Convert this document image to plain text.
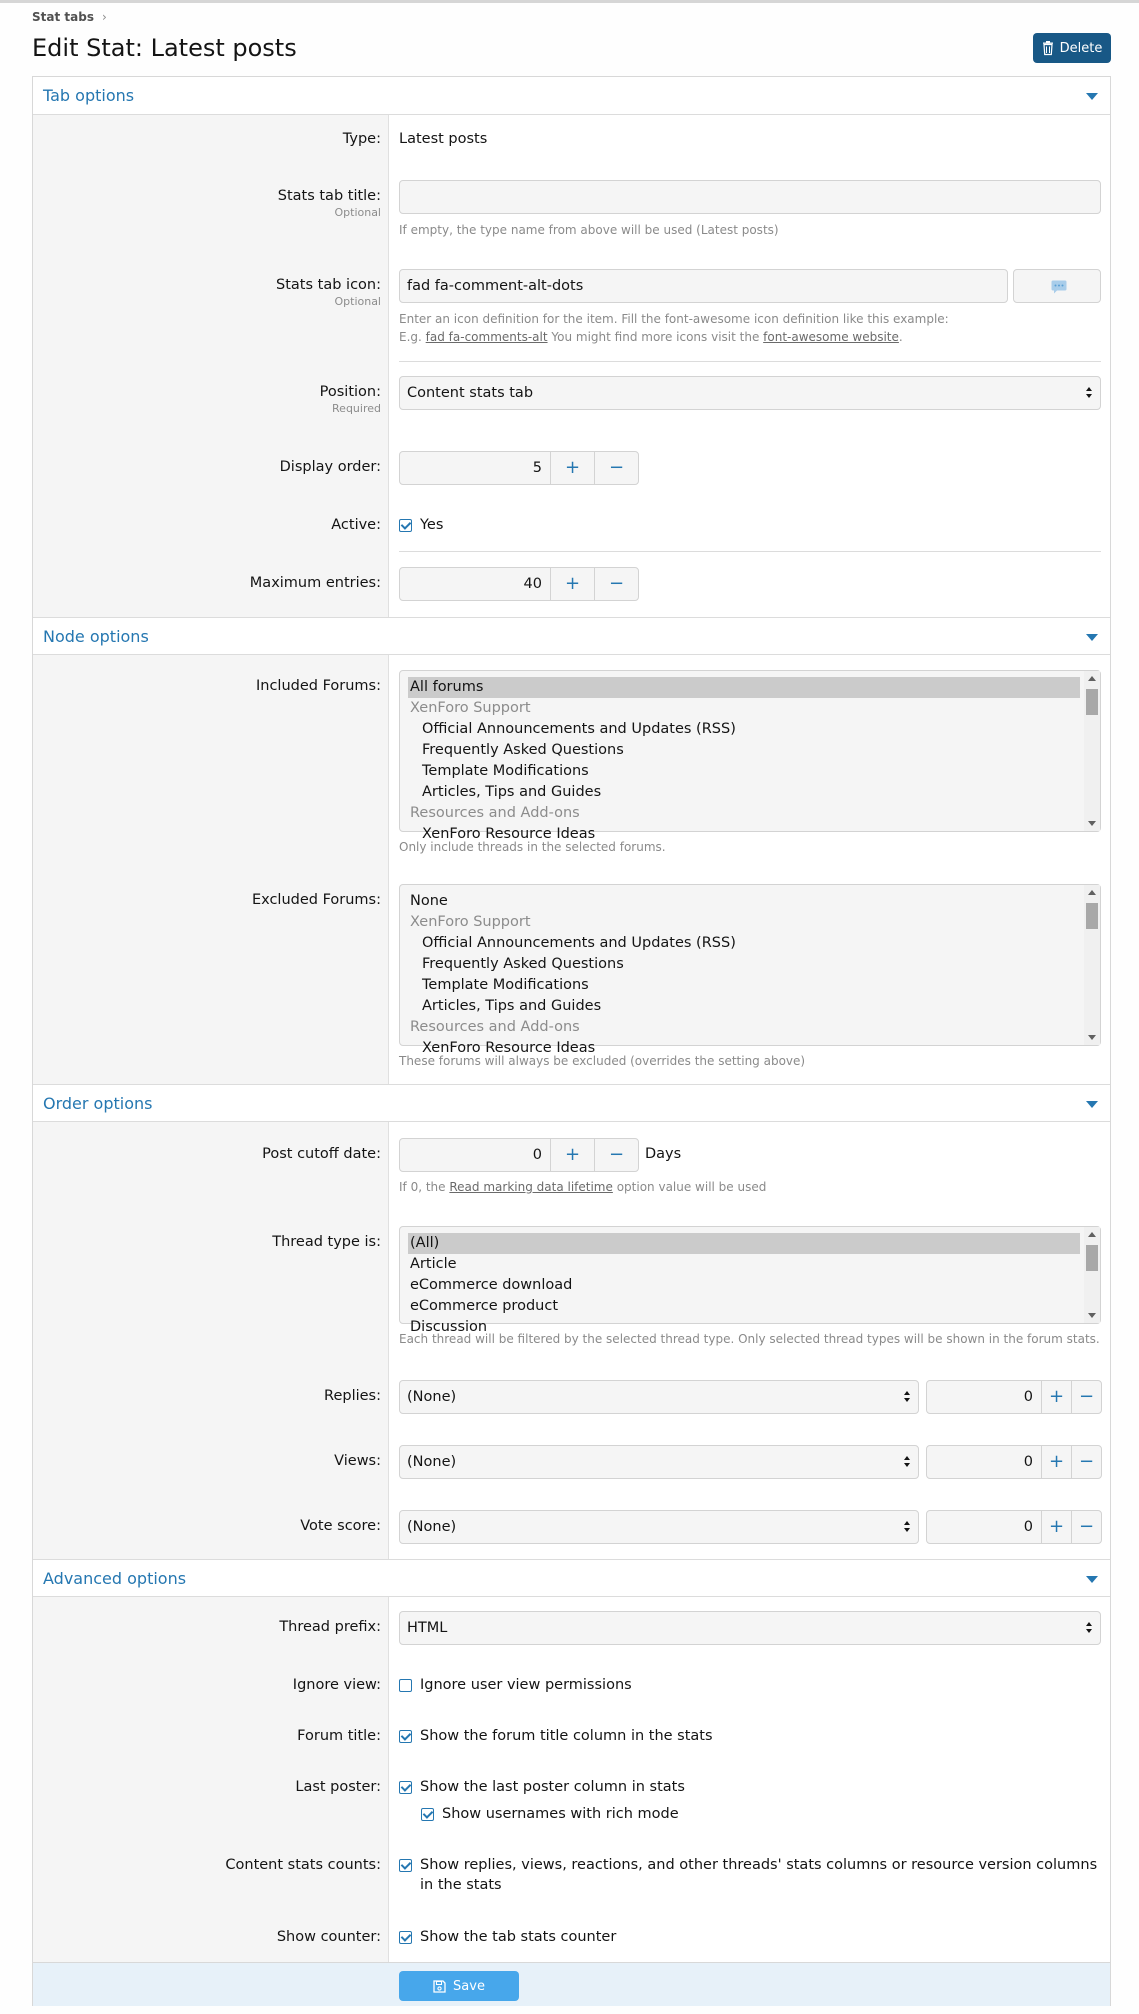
Stat tabs ›
Edit Stat: Latest posts	Delete
Tab options
Type: Latest posts
Stats tab title:
Optional
If empty, the type name from above will be used (Latest posts)
Stats tab icon:
Optional
fad fa-comment-alt-dots
Enter an icon definition for the item. Fill the font-awesome icon definition like this example:
E.g. fad fa-comments-alt You might find more icons visit the font-awesome website.
Position:
Required
Content stats tab
Display order:	5	+	−
Active:	Yes
Maximum entries:	40	+	−
Node options
Included Forums: All forums
XenForo Support
Official Announcements and Updates (RSS)
Frequently Asked Questions
Template Modifications
Articles, Tips and Guides
Resources and Add-ons
XenForo Resource Ideas
Only include threads in the selected forums.
Excluded Forums: None
XenForo Support
Official Announcements and Updates (RSS)
Frequently Asked Questions
Template Modifications
Articles, Tips and Guides
Resources and Add-ons
XenForo Resource Ideas
These forums will always be excluded (overrides the setting above)
Order options
Post cutoff date:	0	+	−	Days
If 0, the Read marking data lifetime option value will be used
Thread type is: (All)
Article
eCommerce download
eCommerce product
Discussion
Each thread will be filtered by the selected thread type. Only selected thread types will be shown in the forum stats.
Replies:	(None)	0 + −
Views:	(None)	0 + −
Vote score:	(None)	0 + −
Advanced options
Thread prefix:	HTML
Ignore view:	Ignore user view permissions
Forum title:	Show the forum title column in the stats
Last poster:	Show the last poster column in stats
Show usernames with rich mode
Content stats counts:	Show replies, views, reactions, and other threads' stats columns or resource version columns in the stats
Show counter:	Show the tab stats counter
Save
